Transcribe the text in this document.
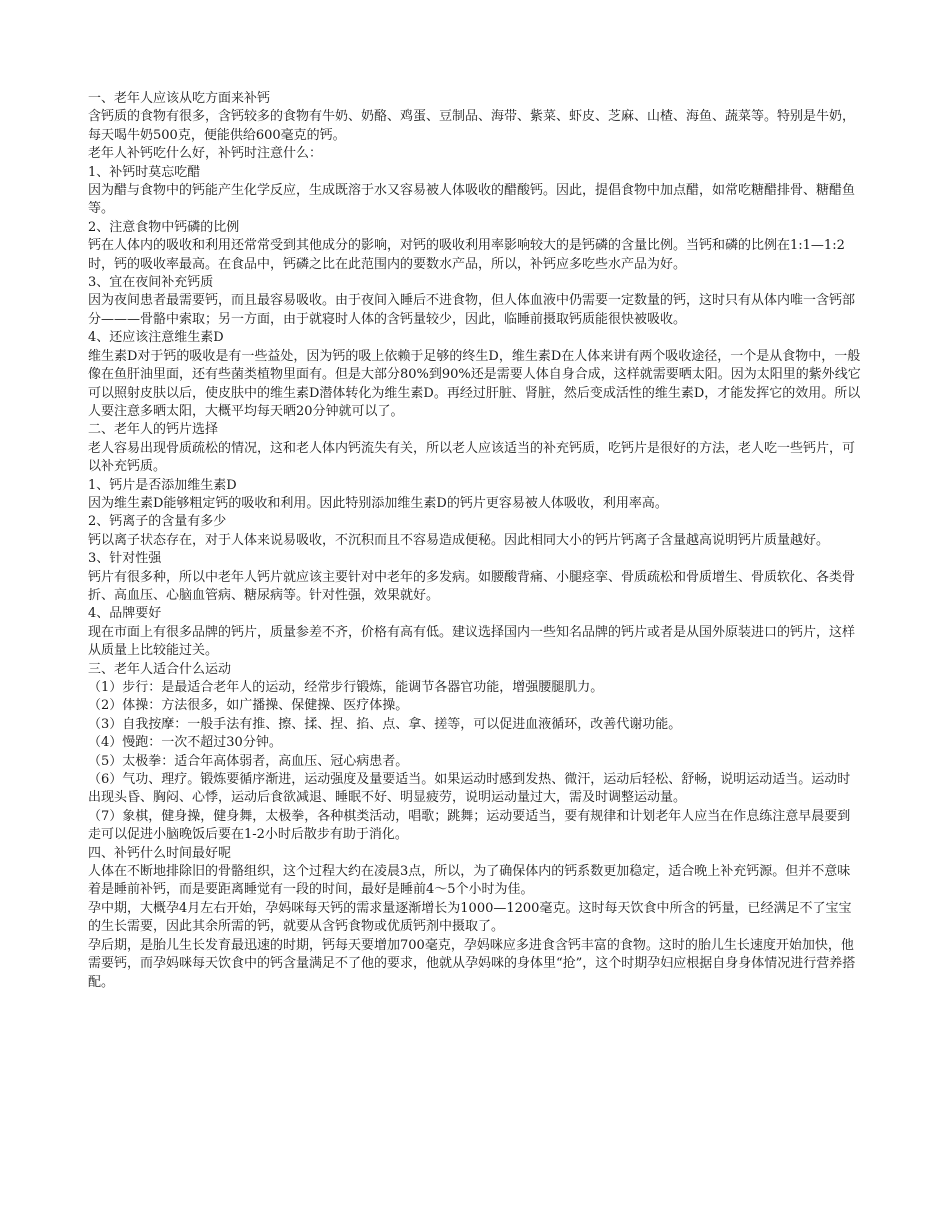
一、老年人应该从吃方面来补钙

含钙质的食物有很多，含钙较多的食物有牛奶、奶酪、鸡蛋、豆制品、海带、紫菜、虾皮、芝麻、山楂、海鱼、蔬菜等。特别是牛奶，每天喝牛奶500克，便能供给600毫克的钙。

老年人补钙吃什么好，补钙时注意什么：

1、补钙时莫忘吃醋

因为醋与食物中的钙能产生化学反应，生成既溶于水又容易被人体吸收的醋酸钙。因此，提倡食物中加点醋，如常吃糖醋排骨、糖醋鱼等。

2、注意食物中钙磷的比例

钙在人体内的吸收和利用还常常受到其他成分的影响，对钙的吸收利用率影响较大的是钙磷的含量比例。当钙和磷的比例在1:1—1:2时，钙的吸收率最高。在食品中，钙磷之比在此范围内的要数水产品，所以，补钙应多吃些水产品为好。

3、宜在夜间补充钙质

因为夜间患者最需要钙，而且最容易吸收。由于夜间入睡后不进食物，但人体血液中仍需要一定数量的钙，这时只有从体内唯一含钙部分———骨骼中索取；另一方面，由于就寝时人体的含钙量较少，因此，临睡前摄取钙质能很快被吸收。

4、还应该注意维生素D

维生素D对于钙的吸收是有一些益处，因为钙的吸上依赖于足够的终生D，维生素D在人体来讲有两个吸收途径，一个是从食物中，一般像在鱼肝油里面，还有些菌类植物里面有。但是大部分80%到90%还是需要人体自身合成，这样就需要晒太阳。因为太阳里的紫外线它可以照射皮肤以后，使皮肤中的维生素D潜体转化为维生素D。再经过肝脏、肾脏，然后变成活性的维生素D，才能发挥它的效用。所以人要注意多晒太阳，大概平均每天晒20分钟就可以了。

二、老年人的钙片选择

老人容易出现骨质疏松的情况，这和老人体内钙流失有关，所以老人应该适当的补充钙质，吃钙片是很好的方法，老人吃一些钙片，可以补充钙质。

1、钙片是否添加维生素D

因为维生素D能够粗定钙的吸收和利用。因此特别添加维生素D的钙片更容易被人体吸收，利用率高。

2、钙离子的含量有多少

钙以离子状态存在，对于人体来说易吸收，不沉积而且不容易造成便秘。因此相同大小的钙片钙离子含量越高说明钙片质量越好。

3、针对性强

钙片有很多种，所以中老年人钙片就应该主要针对中老年的多发病。如腰酸背痛、小腿痉挛、骨质疏松和骨质增生、骨质软化、各类骨折、高血压、心脑血管病、糖尿病等。针对性强，效果就好。

4、品牌要好

现在市面上有很多品牌的钙片，质量参差不齐，价格有高有低。建议选择国内一些知名品牌的钙片或者是从国外原装进口的钙片，这样从质量上比较能过关。

三、老年人适合什么运动

（1）步行：是最适合老年人的运动，经常步行锻炼，能调节各器官功能，增强腰腿肌力。

（2）体操：方法很多，如广播操、保健操、医疗体操。

（3）自我按摩：一般手法有推、擦、揉、捏、掐、点、拿、搓等，可以促进血液循环，改善代谢功能。

（4）慢跑：一次不超过30分钟。

（5）太极拳：适合年高体弱者，高血压、冠心病患者。

（6）气功、理疗。锻炼要循序渐进，运动强度及量要适当。如果运动时感到发热、微汗，运动后轻松、舒畅，说明运动适当。运动时出现头昏、胸闷、心悸，运动后食欲减退、睡眠不好、明显疲劳，说明运动量过大，需及时调整运动量。

（7）象棋，健身操，健身舞，太极拳，各种棋类活动，唱歌；跳舞；运动要适当，要有规律和计划老年人应当在作息练注意早晨要到走可以促进小脑晚饭后要在1-2小时后散步有助于消化。

四、补钙什么时间最好呢

人体在不断地排除旧的骨骼组织，这个过程大约在凌晨3点，所以，为了确保体内的钙系数更加稳定，适合晚上补充钙源。但并不意味着是睡前补钙，而是要距离睡觉有一段的时间，最好是睡前4～5个小时为佳。

孕中期，大概孕4月左右开始，孕妈咪每天钙的需求量逐渐增长为1000—1200毫克。这时每天饮食中所含的钙量，已经满足不了宝宝的生长需要，因此其余所需的钙，就要从含钙食物或优质钙剂中摄取了。

孕后期，是胎儿生长发育最迅速的时期，钙每天要增加700毫克，孕妈咪应多进食含钙丰富的食物。这时的胎儿生长速度开始加快，他需要钙，而孕妈咪每天饮食中的钙含量满足不了他的要求，他就从孕妈咪的身体里“抢”，这个时期孕妇应根据自身身体情况进行营养搭配。
